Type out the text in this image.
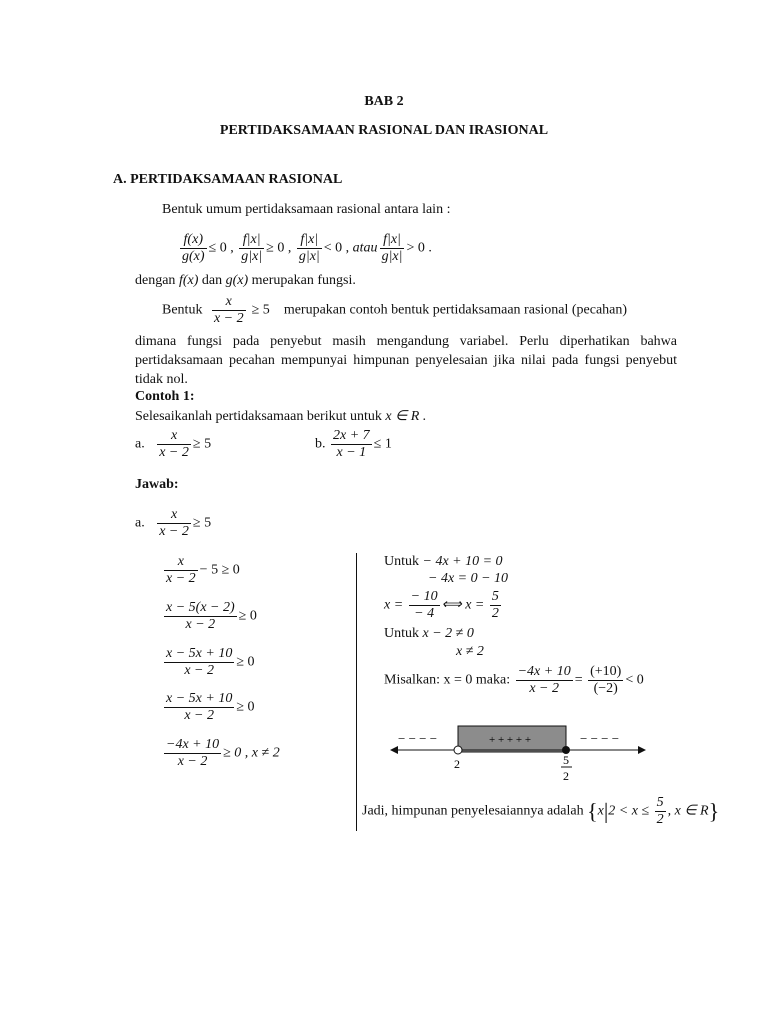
BAB 2
PERTIDAKSAMAAN RASIONAL DAN IRASIONAL
A. PERTIDAKSAMAAN RASIONAL
Bentuk umum pertidaksamaan rasional antara lain :
$\frac{f(x)}{g(x)} \le 0$ , $\frac{f|x|}{g|x|} \ge 0$ , $\frac{f|x|}{g|x|} < 0$ , atau $\frac{f|x|}{g|x|} > 0$ .
dengan f(x) dan g(x) merupakan fungsi.
Bentuk $\frac{x}{x - 2} \ge 5$ merupakan contoh bentuk pertidaksamaan rasional (pecahan)
dimana fungsi pada penyebut masih mengandung variabel. Perlu diperhatikan bahwa pertidaksamaan pecahan mempunyai himpunan penyelesaian jika nilai pada fungsi penyebut tidak nol.
Contoh 1:
Selesaikanlah pertidaksamaan berikut untuk x ∈ R .
a. $\frac{x}{x - 2} \ge 5$	b. $\frac{2x + 7}{x - 1} \le 1$
Jawab:
a. $\frac{x}{x - 2} \ge 5$
$\frac{x}{x - 2} - 5 \ge 0$
$\frac{x - 5(x - 2)}{x - 2} \ge 0$
$\frac{x - 5x + 10}{x - 2} \ge 0$
$\frac{x - 5x + 10}{x - 2} \ge 0$
$\frac{-4x + 10}{x - 2} \ge 0$ , x ≠ 2
Untuk − 4x + 10 = 0
− 4x = 0 − 10
$x = \frac{- 10}{- 4}$ ⟺ $x = \frac{5}{2}$
Untuk x − 2 ≠ 0
x ≠ 2
Misalkan: x = 0 maka: $\frac{-4x + 10}{x - 2} = \frac{(+10)}{(-2)} < 0$
− − − −	+ + + + +	− − − −
2	5
2
Jadi, himpunan penyelesaiannya adalah {$x|2 < x \le \frac{5}{2}$ , x ∈ R}
